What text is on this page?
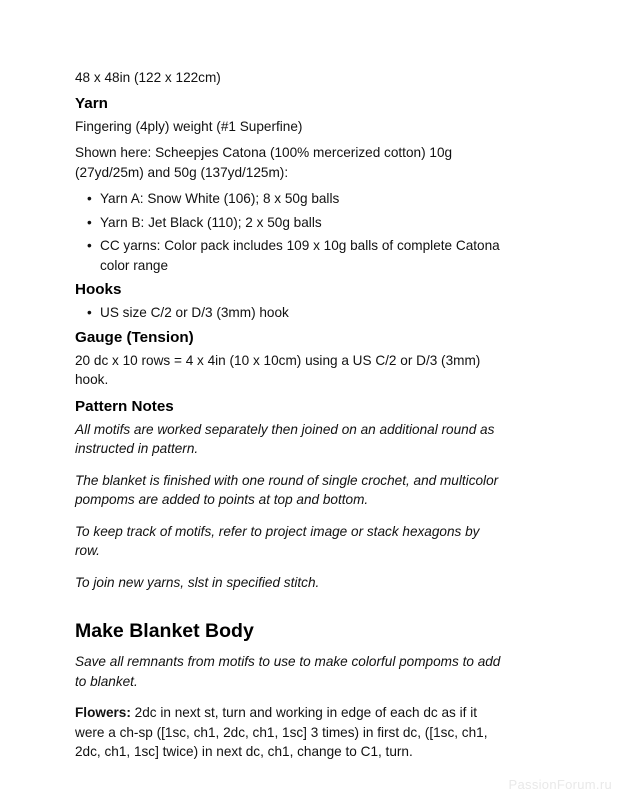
48 x 48in (122 x 122cm)

Yarn

Fingering (4ply) weight (#1 Superfine)

Shown here: Scheepjes Catona (100% mercerized cotton) 10g (27yd/25m) and 50g (137yd/125m):

• Yarn A: Snow White (106); 8 x 50g balls
• Yarn B: Jet Black (110); 2 x 50g balls
• CC yarns: Color pack includes 109 x 10g balls of complete Catona color range
Hooks
• US size C/2 or D/3 (3mm) hook
Gauge (Tension)

20 dc x 10 rows = 4 x 4in (10 x 10cm) using a US C/2 or D/3 (3mm) hook.

Pattern Notes

All motifs are worked separately then joined on an additional round as instructed in pattern.

The blanket is finished with one round of single crochet, and multicolor pompoms are added to points at top and bottom.

To keep track of motifs, refer to project image or stack hexagons by row.

To join new yarns, slst in specified stitch.

Make Blanket Body

Save all remnants from motifs to use to make colorful pompoms to add to blanket.

Flowers: 2dc in next st, turn and working in edge of each dc as if it were a ch-sp ([1sc, ch1, 2dc, ch1, 1sc] 3 times) in first dc, ([1sc, ch1, 2dc, ch1, 1sc] twice) in next dc, ch1, change to C1, turn.

PassionForum.ru
